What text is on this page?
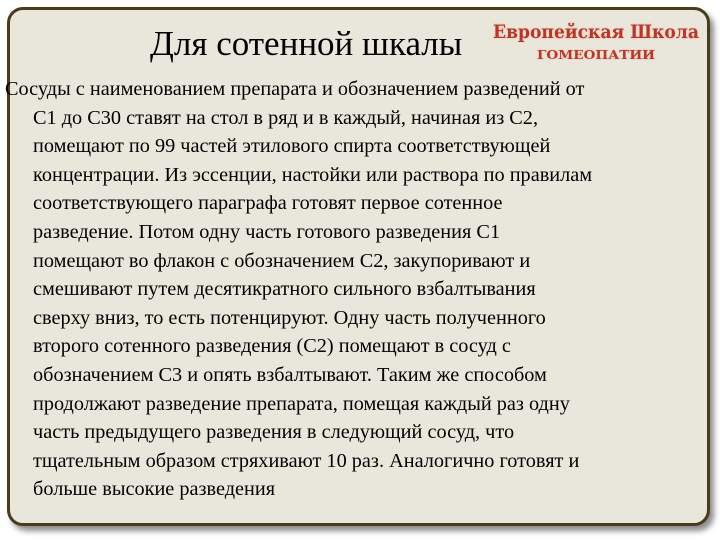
Для сотенной шкалы Европейская Школа
ГОМЕОПАТИИ

Сосуды с наименованием препарата и обозначением разведений от
С1 до С30 ставят на стол в ряд и в каждый, начиная из С2,
помещают по 99 частей этилового спирта соответствующей
концентрации. Из эссенции, настойки или раствора по правилам
соответствующего параграфа готовят первое сотенное
разведение. Потом одну часть готового разведения С1
помещают во флакон с обозначением С2, закупоривают и
смешивают путем десятикратного сильного взбалтывания
сверху вниз, то есть потенцируют. Одну часть полученного
второго сотенного разведения (С2) помещают в сосуд с
обозначением С3 и опять взбалтывают. Таким же способом
продолжают разведение препарата, помещая каждый раз одну
часть предыдущего разведения в следующий сосуд, что
тщательным образом стряхивают 10 раз. Аналогично готовят и
больше высокие разведения
